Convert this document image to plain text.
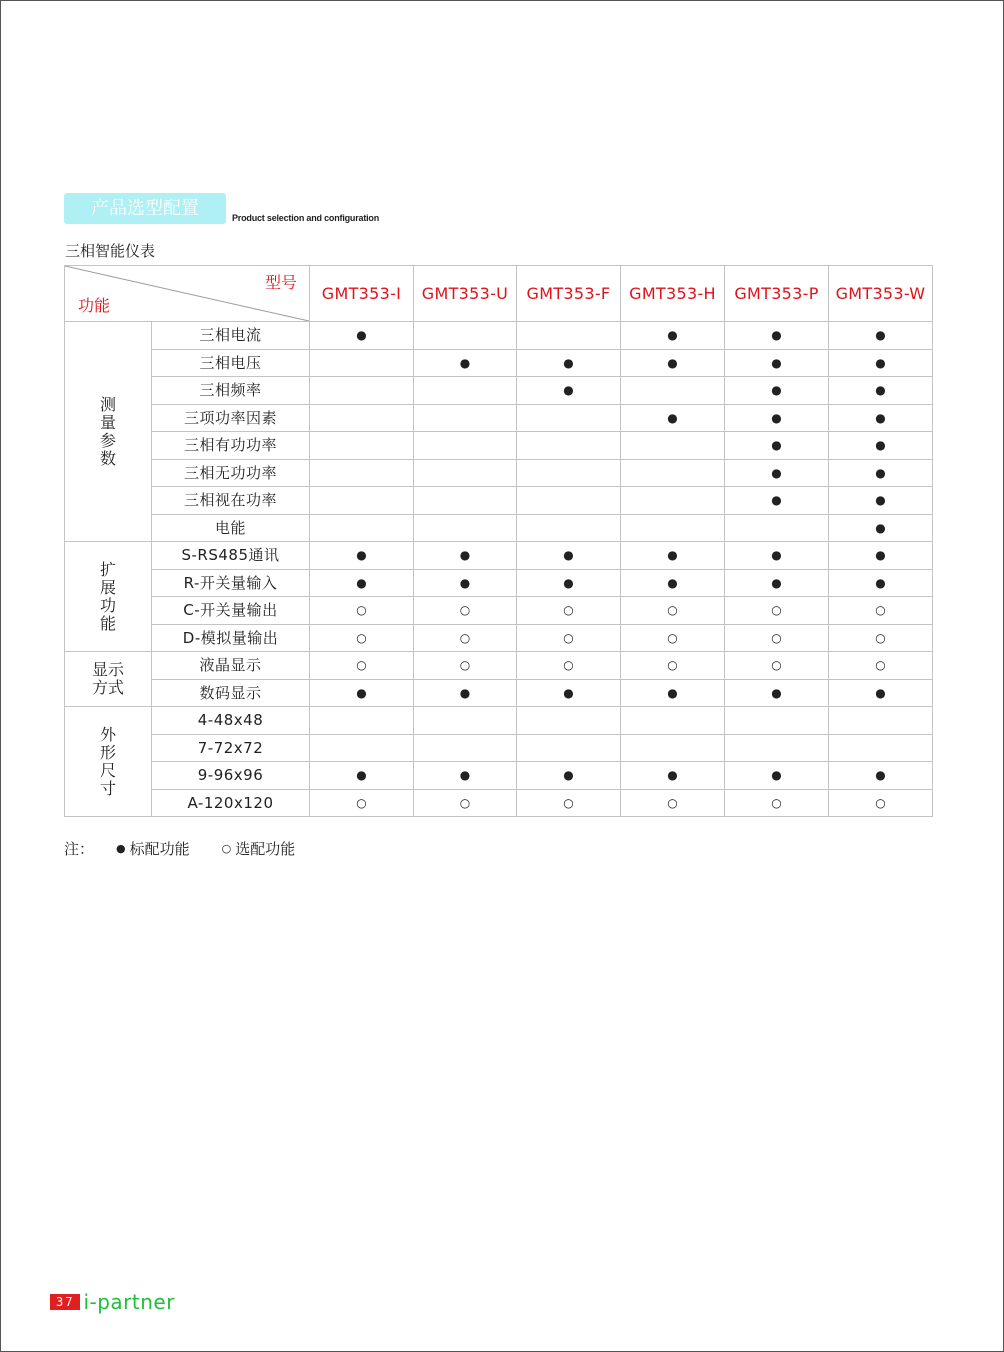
产品选型配置	Product selection and configuration
三相智能仪表
型号
功能		GMT353-I	GMT353-U	GMT353-F	GMT353-H	GMT353-P	GMT353-W
测量参数	三相电流	●			●	●	●
	三相电压		●	●	●	●	●
	三相频率			●		●	●
	三项功率因素				●	●	●
	三相有功功率					●	●
	三相无功功率					●	●
	三相视在功率					●	●
	电能						●
扩展功能	S-RS485通讯	●	●	●	●	●	●
	R-开关量输入	●	●	●	●	●	●
	C-开关量输出	○	○	○	○	○	○
	D-模拟量输出	○	○	○	○	○	○

显示
方式	液晶显示	○	○	○	○	○	○
	数码显示	●	●	●	●	●	●
外形尺寸	4-48x48						
	7-72x72						
	9-96x96	●	●	●	●	●	●
	A-120x120	○	○	○	○	○	○
注：	● 标配功能	○ 选配功能
37 i-partner
